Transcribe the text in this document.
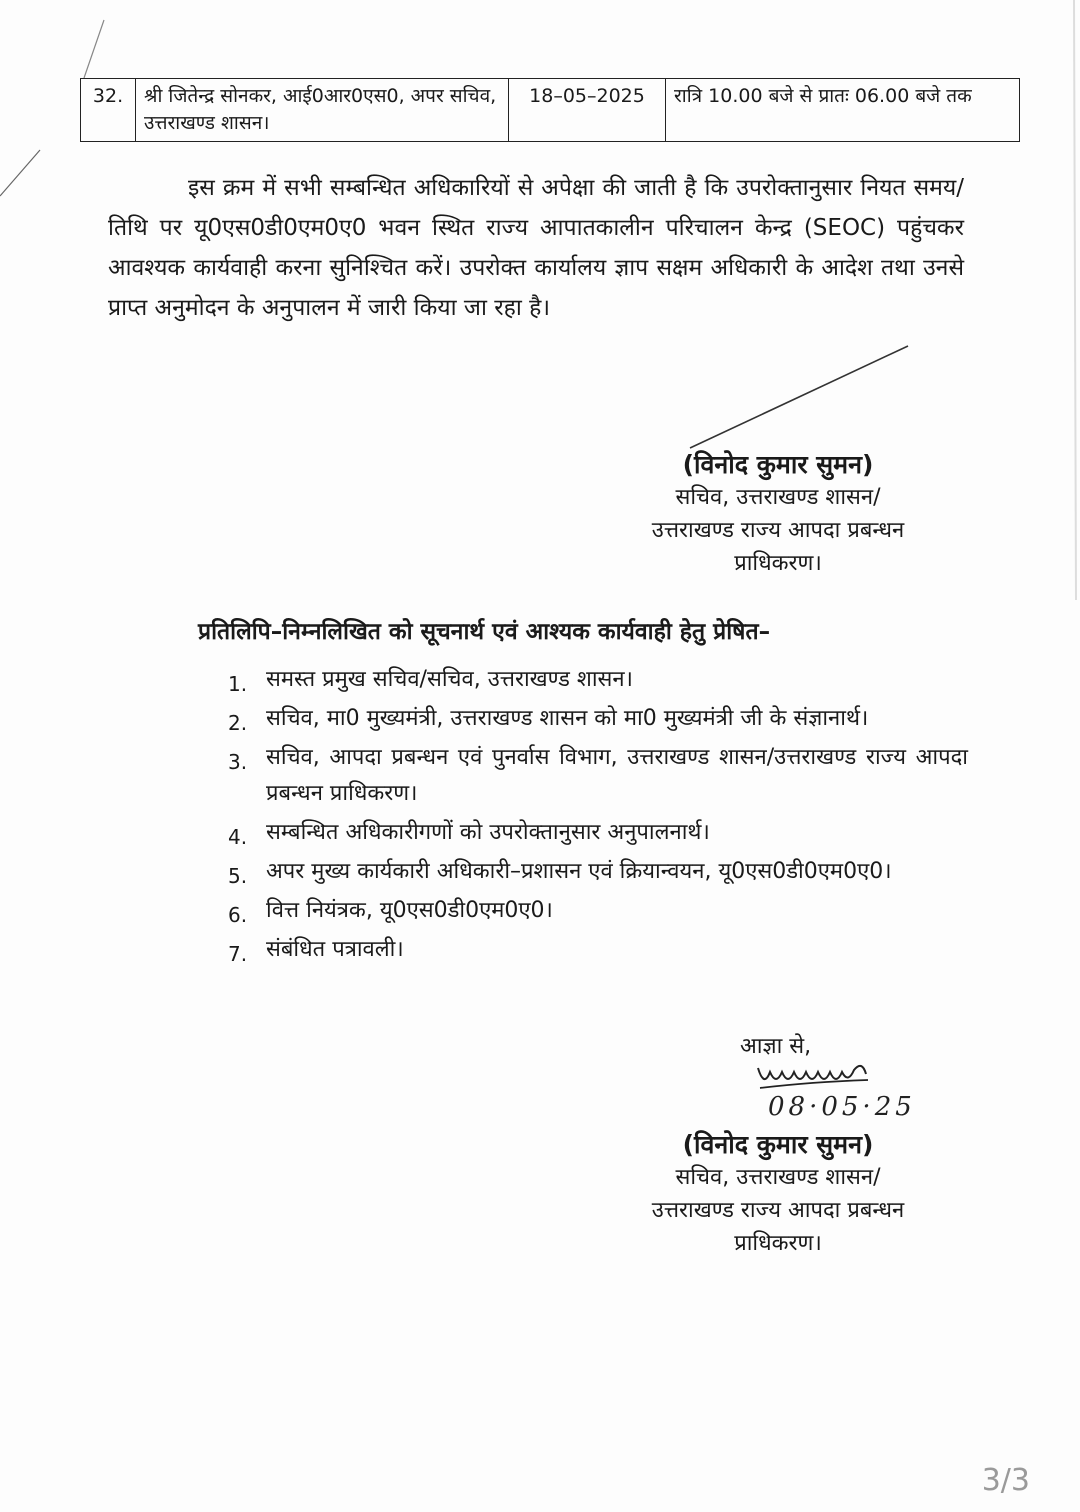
32.	श्री जितेन्द्र सोनकर, आई0आर0एस0, अपर सचिव, उत्तराखण्ड शासन।	18–05–2025	रात्रि 10.00 बजे से प्रातः 06.00 बजे तक

इस क्रम में सभी सम्बन्धित अधिकारियों से अपेक्षा की जाती है कि उपरोक्तानुसार नियत समय/तिथि पर यू0एस0डी0एम0ए0 भवन स्थित राज्य आपातकालीन परिचालन केन्द्र (SEOC) पहुंचकर आवश्यक कार्यवाही करना सुनिश्चित करें। उपरोक्त कार्यालय ज्ञाप सक्षम अधिकारी के आदेश तथा उनसे प्राप्त अनुमोदन के अनुपालन में जारी किया जा रहा है।

(विनोद कुमार सुमन)
सचिव, उत्तराखण्ड शासन/
उत्तराखण्ड राज्य आपदा प्रबन्धन
प्राधिकरण।

प्रतिलिपि–निम्नलिखित को सूचनार्थ एवं आश्यक कार्यवाही हेतु प्रेषित–

1. समस्त प्रमुख सचिव/सचिव, उत्तराखण्ड शासन।
2. सचिव, मा0 मुख्यमंत्री, उत्तराखण्ड शासन को मा0 मुख्यमंत्री जी के संज्ञानार्थ।
3. सचिव, आपदा प्रबन्धन एवं पुनर्वास विभाग, उत्तराखण्ड शासन/उत्तराखण्ड राज्य आपदा प्रबन्धन प्राधिकरण।
4. सम्बन्धित अधिकारीगणों को उपरोक्तानुसार अनुपालनार्थ।
5. अपर मुख्य कार्यकारी अधिकारी–प्रशासन एवं क्रियान्वयन, यू0एस0डी0एम0ए0।
6. वित्त नियंत्रक, यू0एस0डी0एम0ए0।
7. संबंधित पत्रावली।
आज्ञा से,
08·05·25
(विनोद कुमार सुमन)
सचिव, उत्तराखण्ड शासन/
उत्तराखण्ड राज्य आपदा प्रबन्धन
प्राधिकरण।
3/3
